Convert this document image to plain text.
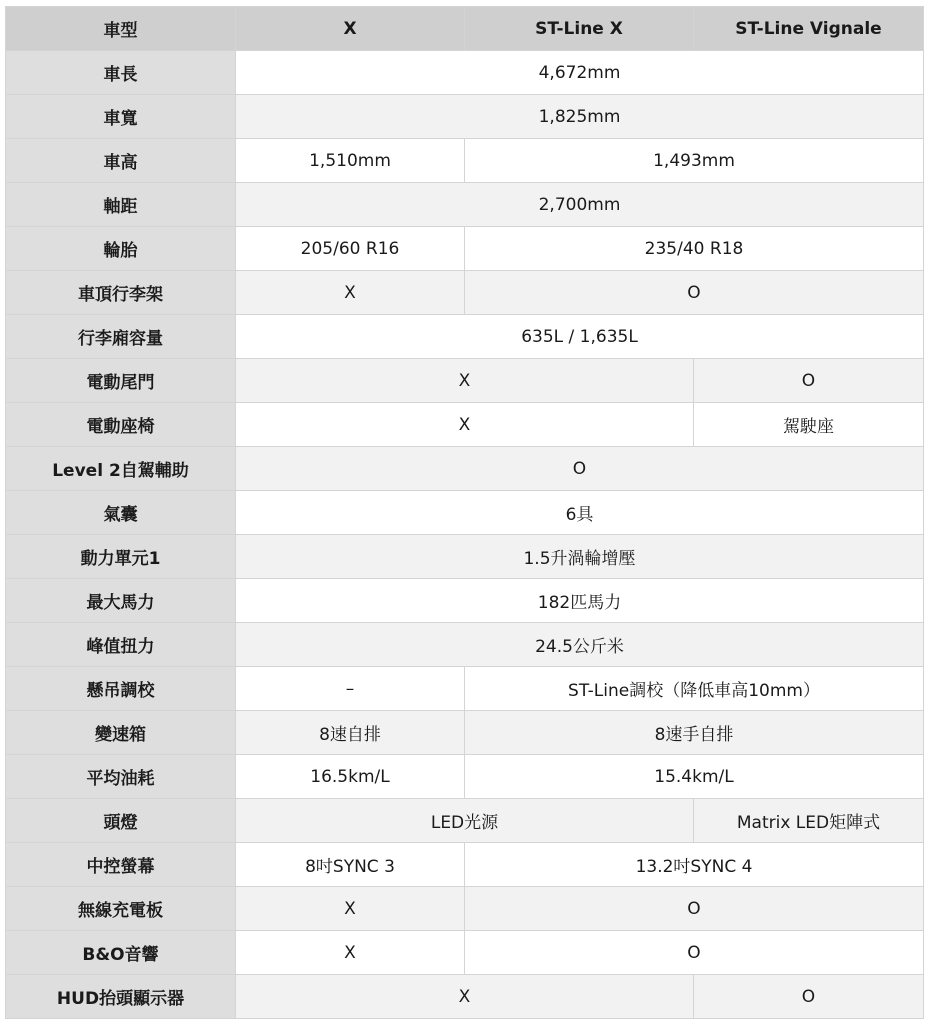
車型	X	ST-Line X	ST-Line Vignale
車長	4,672mm		
車寬	1,825mm		
車高	1,510mm	1,493mm	
軸距	2,700mm		
輪胎	205/60 R16	235/40 R18	
車頂行李架	X	O	
行李廂容量	635L / 1,635L		
電動尾門	X		O
電動座椅	X		駕駛座
Level 2自駕輔助	O		
氣囊	6具		
動力單元1	1.5升渦輪增壓		
最大馬力	182匹馬力		
峰值扭力	24.5公斤米		
懸吊調校	–	ST-Line調校（降低車高10mm）	
變速箱	8速自排	8速手自排	
平均油耗	16.5km/L	15.4km/L	
頭燈	LED光源		Matrix LED矩陣式
中控螢幕	8吋SYNC 3	13.2吋SYNC 4	
無線充電板	X	O	
B&O音響	X	O	
HUD抬頭顯示器	X		O
